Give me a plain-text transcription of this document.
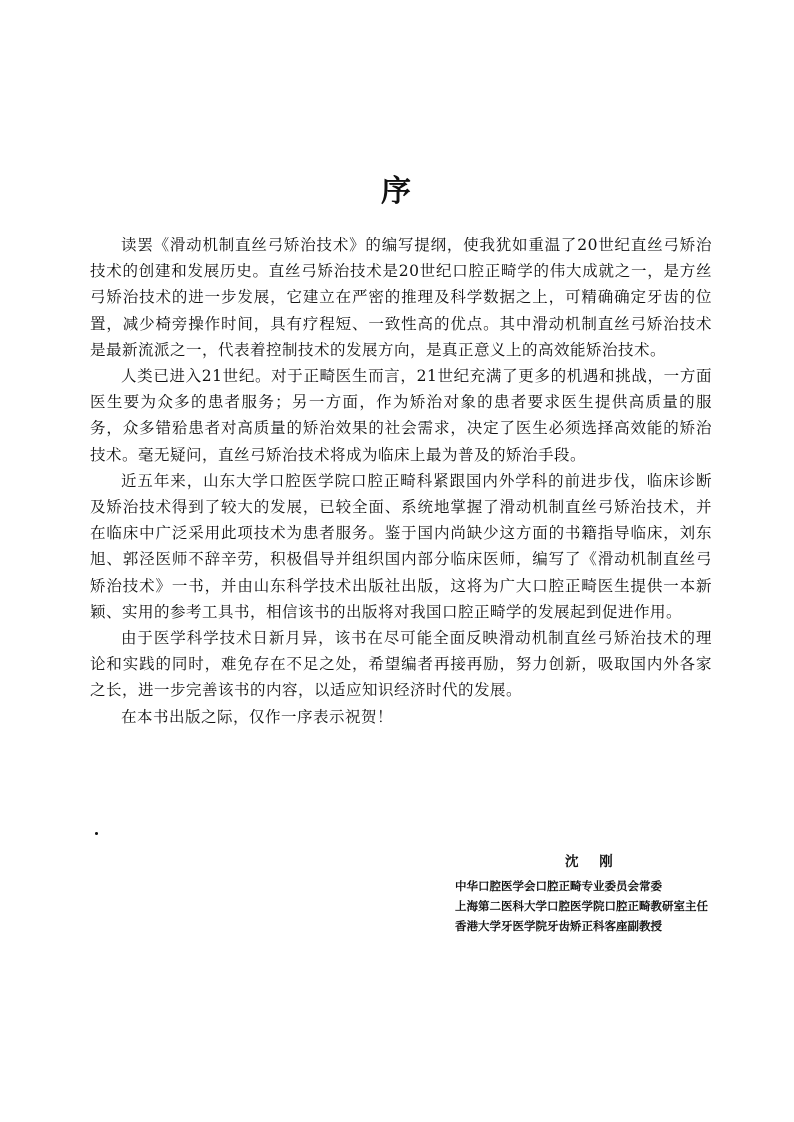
序

读罢《滑动机制直丝弓矫治技术》的编写提纲，使我犹如重温了20世纪直丝弓矫治技术的创建和发展历史。直丝弓矫治技术是20世纪口腔正畸学的伟大成就之一，是方丝弓矫治技术的进一步发展，它建立在严密的推理及科学数据之上，可精确确定牙齿的位置，减少椅旁操作时间，具有疗程短、一致性高的优点。其中滑动机制直丝弓矫治技术是最新流派之一，代表着控制技术的发展方向，是真正意义上的高效能矫治技术。

人类已进入21世纪。对于正畸医生而言，21世纪充满了更多的机遇和挑战，一方面医生要为众多的患者服务；另一方面，作为矫治对象的患者要求医生提供高质量的服务，众多错𬌗患者对高质量的矫治效果的社会需求，决定了医生必须选择高效能的矫治技术。毫无疑问，直丝弓矫治技术将成为临床上最为普及的矫治手段。

近五年来，山东大学口腔医学院口腔正畸科紧跟国内外学科的前进步伐，临床诊断及矫治技术得到了较大的发展，已较全面、系统地掌握了滑动机制直丝弓矫治技术，并在临床中广泛采用此项技术为患者服务。鉴于国内尚缺少这方面的书籍指导临床，刘东旭、郭泾医师不辞辛劳，积极倡导并组织国内部分临床医师，编写了《滑动机制直丝弓矫治技术》一书，并由山东科学技术出版社出版，这将为广大口腔正畸医生提供一本新颖、实用的参考工具书，相信该书的出版将对我国口腔正畸学的发展起到促进作用。

由于医学科学技术日新月异，该书在尽可能全面反映滑动机制直丝弓矫治技术的理论和实践的同时，难免存在不足之处，希望编者再接再励，努力创新，吸取国内外各家之长，进一步完善该书的内容，以适应知识经济时代的发展。

在本书出版之际，仅作一序表示祝贺！

沈 刚
中华口腔医学会口腔正畸专业委员会常委
上海第二医科大学口腔医学院口腔正畸教研室主任
香港大学牙医学院牙齿矫正科客座副教授
